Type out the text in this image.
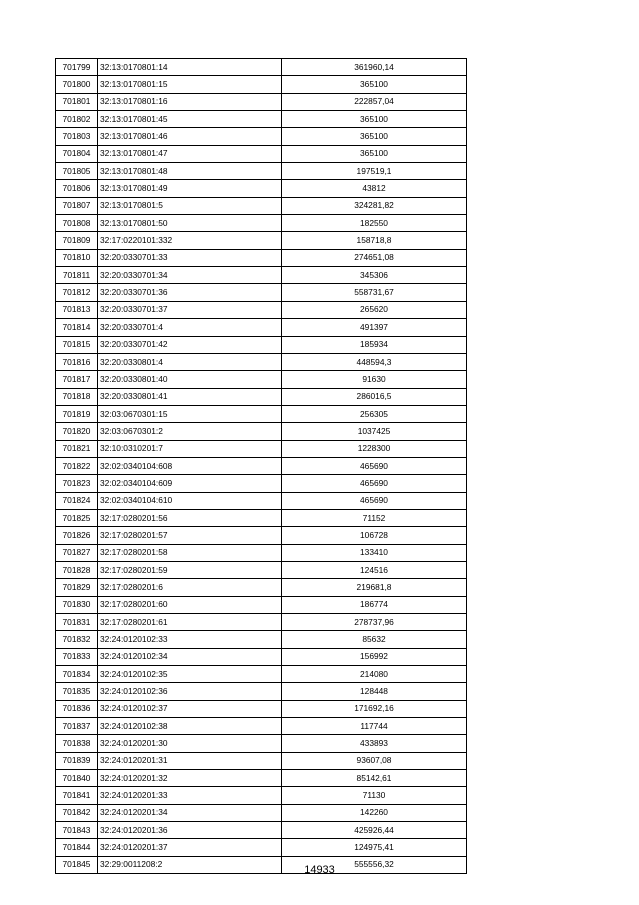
701799	32:13:0170801:14	361960,14
701800	32:13:0170801:15	365100
701801	32:13:0170801:16	222857,04
701802	32:13:0170801:45	365100
701803	32:13:0170801:46	365100
701804	32:13:0170801:47	365100
701805	32:13:0170801:48	197519,1
701806	32:13:0170801:49	43812
701807	32:13:0170801:5	324281,82
701808	32:13:0170801:50	182550
701809	32:17:0220101:332	158718,8
701810	32:20:0330701:33	274651,08
701811	32:20:0330701:34	345306
701812	32:20:0330701:36	558731,67
701813	32:20:0330701:37	265620
701814	32:20:0330701:4	491397
701815	32:20:0330701:42	185934
701816	32:20:0330801:4	448594,3
701817	32:20:0330801:40	91630
701818	32:20:0330801:41	286016,5
701819	32:03:0670301:15	256305
701820	32:03:0670301:2	1037425
701821	32:10:0310201:7	1228300
701822	32:02:0340104:608	465690
701823	32:02:0340104:609	465690
701824	32:02:0340104:610	465690
701825	32:17:0280201:56	71152
701826	32:17:0280201:57	106728
701827	32:17:0280201:58	133410
701828	32:17:0280201:59	124516
701829	32:17:0280201:6	219681,8
701830	32:17:0280201:60	186774
701831	32:17:0280201:61	278737,96
701832	32:24:0120102:33	85632
701833	32:24:0120102:34	156992
701834	32:24:0120102:35	214080
701835	32:24:0120102:36	128448
701836	32:24:0120102:37	171692,16
701837	32:24:0120102:38	117744
701838	32:24:0120201:30	433893
701839	32:24:0120201:31	93607,08
701840	32:24:0120201:32	85142,61
701841	32:24:0120201:33	71130
701842	32:24:0120201:34	142260
701843	32:24:0120201:36	425926,44
701844	32:24:0120201:37	124975,41
701845	32:29:0011208:2	555556,32
14933
